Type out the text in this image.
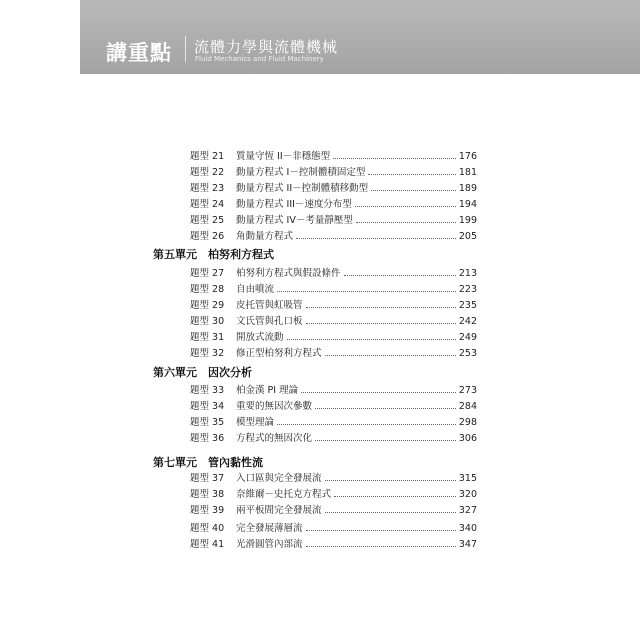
講重點 流體力學與流體機械
Fluid Mechanics and Fluid Machinery
題型 21	質量守恆 II－非穩態型	176
題型 22	動量方程式 I－控制體積固定型	181
題型 23	動量方程式 II－控制體積移動型	189
題型 24	動量方程式 III－速度分布型	194
題型 25	動量方程式 IV－考量靜壓型	199
題型 26	角動量方程式	205
第五單元　柏努利方程式
題型 27	柏努利方程式與假設條件	213
題型 28	自由噴流	223
題型 29	皮托管與虹吸管	235
題型 30	文氏管與孔口板	242
題型 31	開放式流動	249
題型 32	修正型柏努利方程式	253
第六單元　因次分析
題型 33	柏金漢 PI 理論	273
題型 34	重要的無因次參數	284
題型 35	模型理論	298
題型 36	方程式的無因次化	306
第七單元　管內黏性流
題型 37	入口區與完全發展流	315
題型 38	奈維爾－史托克方程式	320
題型 39	兩平板間完全發展流	327
題型 40	完全發展薄層流	340
題型 41	光滑圓管內部流	347
